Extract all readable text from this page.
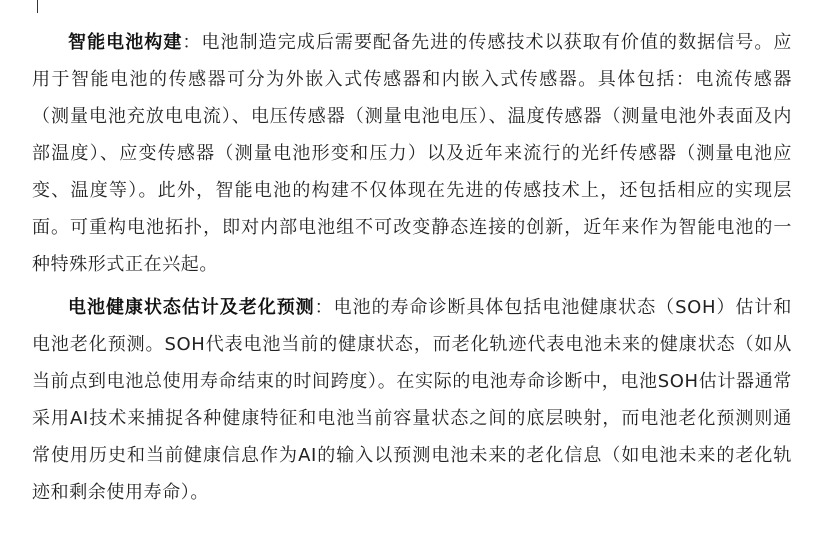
智能电池构建：电池制造完成后需要配备先进的传感技术以获取有价值的数据信号。应用于智能电池的传感器可分为外嵌入式传感器和内嵌入式传感器。具体包括：电流传感器（测量电池充放电电流）、电压传感器（测量电池电压）、温度传感器（测量电池外表面及内部温度）、应变传感器（测量电池形变和压力）以及近年来流行的光纤传感器（测量电池应变、温度等）。此外，智能电池的构建不仅体现在先进的传感技术上，还包括相应的实现层面。可重构电池拓扑，即对内部电池组不可改变静态连接的创新，近年来作为智能电池的一种特殊形式正在兴起。

电池健康状态估计及老化预测：电池的寿命诊断具体包括电池健康状态（SOH）估计和电池老化预测。SOH代表电池当前的健康状态，而老化轨迹代表电池未来的健康状态（如从当前点到电池总使用寿命结束的时间跨度）。在实际的电池寿命诊断中，电池SOH估计器通常采用AI技术来捕捉各种健康特征和电池当前容量状态之间的底层映射，而电池老化预测则通常使用历史和当前健康信息作为AI的输入以预测电池未来的老化信息（如电池未来的老化轨迹和剩余使用寿命）。
